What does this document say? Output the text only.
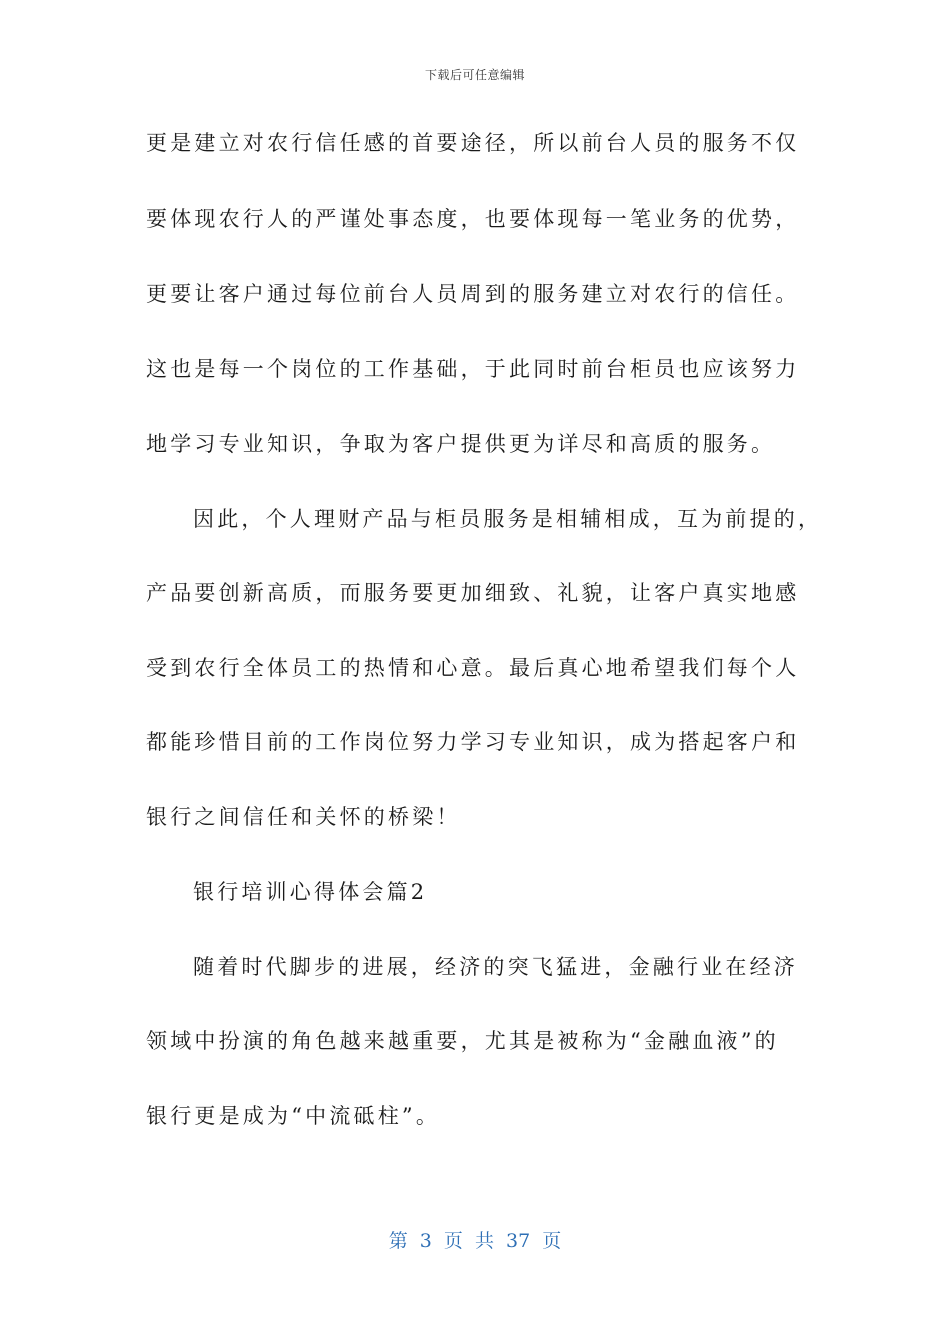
下载后可任意编辑
更是建立对农行信任感的首要途径，所以前台人员的服务不仅
要体现农行人的严谨处事态度，也要体现每一笔业务的优势，
更要让客户通过每位前台人员周到的服务建立对农行的信任。
这也是每一个岗位的工作基础，于此同时前台柜员也应该努力
地学习专业知识，争取为客户提供更为详尽和高质的服务。
因此，个人理财产品与柜员服务是相辅相成，互为前提的，
产品要创新高质，而服务要更加细致、礼貌，让客户真实地感
受到农行全体员工的热情和心意。最后真心地希望我们每个人
都能珍惜目前的工作岗位努力学习专业知识，成为搭起客户和
银行之间信任和关怀的桥梁！
银行培训心得体会篇2
随着时代脚步的进展，经济的突飞猛进，金融行业在经济
领域中扮演的角色越来越重要，尤其是被称为“金融血液”的
银行更是成为“中流砥柱”。
第 3 页 共 37 页
